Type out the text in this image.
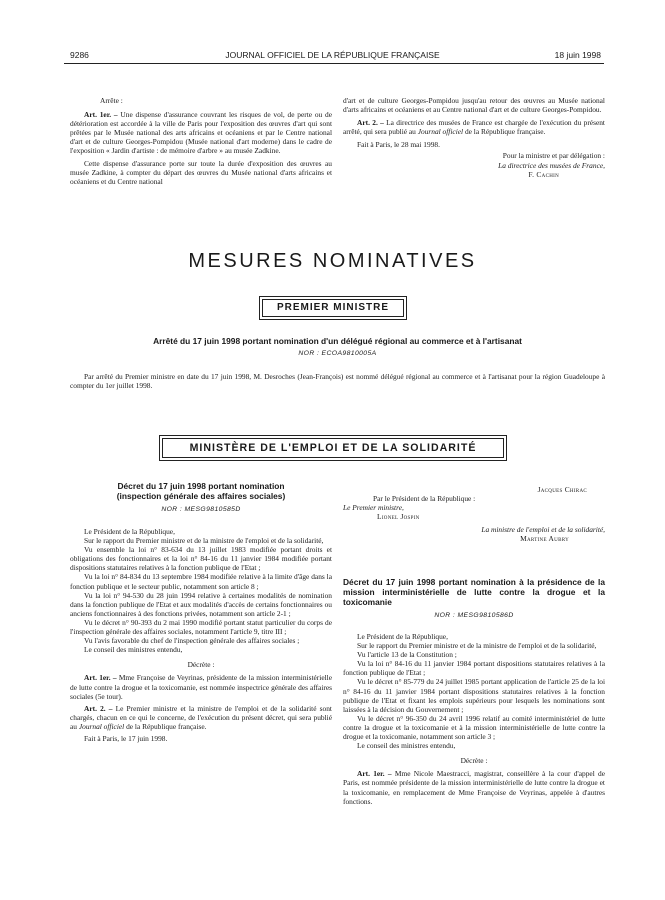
9286	JOURNAL OFFICIEL DE LA RÉPUBLIQUE FRANÇAISE	18 juin 1998

Arrête :

Art. 1er. – Une dispense d'assurance couvrant les risques de vol, de perte ou de détérioration est accordée à la ville de Paris pour l'exposition des œuvres d'art qui sont prêtées par le Musée national des arts africains et océaniens et par le Centre national d'art et de culture Georges-Pompidou (Musée national d'art moderne) dans le cadre de l'exposition « Jardin d'artiste : de mémoire d'arbre » au musée Zadkine.

Cette dispense d'assurance porte sur toute la durée d'exposition des œuvres au musée Zadkine, à compter du départ des œuvres du Musée national d'arts africains et océaniens et du Centre national

d'art et de culture Georges-Pompidou jusqu'au retour des œuvres au Musée national d'arts africains et océaniens et au Centre national d'art et de culture Georges-Pompidou.

Art. 2. – La directrice des musées de France est chargée de l'exécution du présent arrêté, qui sera publié au Journal officiel de la République française.

Fait à Paris, le 28 mai 1998.

Pour la ministre et par délégation :

La directrice des musées de France,

F. Cachin

MESURES NOMINATIVES
PREMIER MINISTRE
Arrêté du 17 juin 1998 portant nomination d'un délégué régional au commerce et à l'artisanat
NOR : ECOA9810005A

Par arrêté du Premier ministre en date du 17 juin 1998, M. Desroches (Jean-François) est nommé délégué régional au commerce et à l'artisanat pour la région Guadeloupe à compter du 1er juillet 1998.

MINISTÈRE DE L'EMPLOI ET DE LA SOLIDARITÉ
Décret du 17 juin 1998 portant nomination
(inspection générale des affaires sociales)
NOR : MESG9810585D

Le Président de la République,

Sur le rapport du Premier ministre et de la ministre de l'emploi et de la solidarité,

Vu ensemble la loi n° 83-634 du 13 juillet 1983 modifiée portant droits et obligations des fonctionnaires et la loi n° 84-16 du 11 janvier 1984 modifiée portant dispositions statutaires relatives à la fonction publique de l'Etat ;

Vu la loi n° 84-834 du 13 septembre 1984 modifiée relative à la limite d'âge dans la fonction publique et le secteur public, notamment son article 8 ;

Vu la loi n° 94-530 du 28 juin 1994 relative à certaines modalités de nomination dans la fonction publique de l'Etat et aux modalités d'accès de certains fonctionnaires ou anciens fonctionnaires à des fonctions privées, notamment son article 2-1 ;

Vu le décret n° 90-393 du 2 mai 1990 modifié portant statut particulier du corps de l'inspection générale des affaires sociales, notamment l'article 9, titre III ;

Vu l'avis favorable du chef de l'inspection générale des affaires sociales ;

Le conseil des ministres entendu,

Décrète :

Art. 1er. – Mme Françoise de Veyrinas, présidente de la mission interministérielle de lutte contre la drogue et la toxicomanie, est nommée inspectrice générale des affaires sociales (5e tour).

Art. 2. – Le Premier ministre et la ministre de l'emploi et de la solidarité sont chargés, chacun en ce qui le concerne, de l'exécution du présent décret, qui sera publié au Journal officiel de la République française.

Fait à Paris, le 17 juin 1998.

Jacques Chirac

Par le Président de la République :

Le Premier ministre,

Lionel Jospin

La ministre de l'emploi et de la solidarité,

Martine Aubry

Décret du 17 juin 1998 portant nomination à la présidence de la mission interministérielle de lutte contre la drogue et la toxicomanie
NOR : MESG9810586D

Le Président de la République,

Sur le rapport du Premier ministre et de la ministre de l'emploi et de la solidarité,

Vu l'article 13 de la Constitution ;

Vu la loi n° 84-16 du 11 janvier 1984 portant dispositions statutaires relatives à la fonction publique de l'Etat ;

Vu le décret n° 85-779 du 24 juillet 1985 portant application de l'article 25 de la loi n° 84-16 du 11 janvier 1984 portant dispositions statutaires relatives à la fonction publique de l'Etat et fixant les emplois supérieurs pour lesquels les nominations sont laissées à la décision du Gouvernement ;

Vu le décret n° 96-350 du 24 avril 1996 relatif au comité interministériel de lutte contre la drogue et la toxicomanie et à la mission interministérielle de lutte contre la drogue et la toxicomanie, notamment son article 3 ;

Le conseil des ministres entendu,

Décrète :

Art. 1er. – Mme Nicole Maestracci, magistrat, conseillère à la cour d'appel de Paris, est nommée présidente de la mission interministérielle de lutte contre la drogue et la toxicomanie, en remplacement de Mme Françoise de Veyrinas, appelée à d'autres fonctions.
